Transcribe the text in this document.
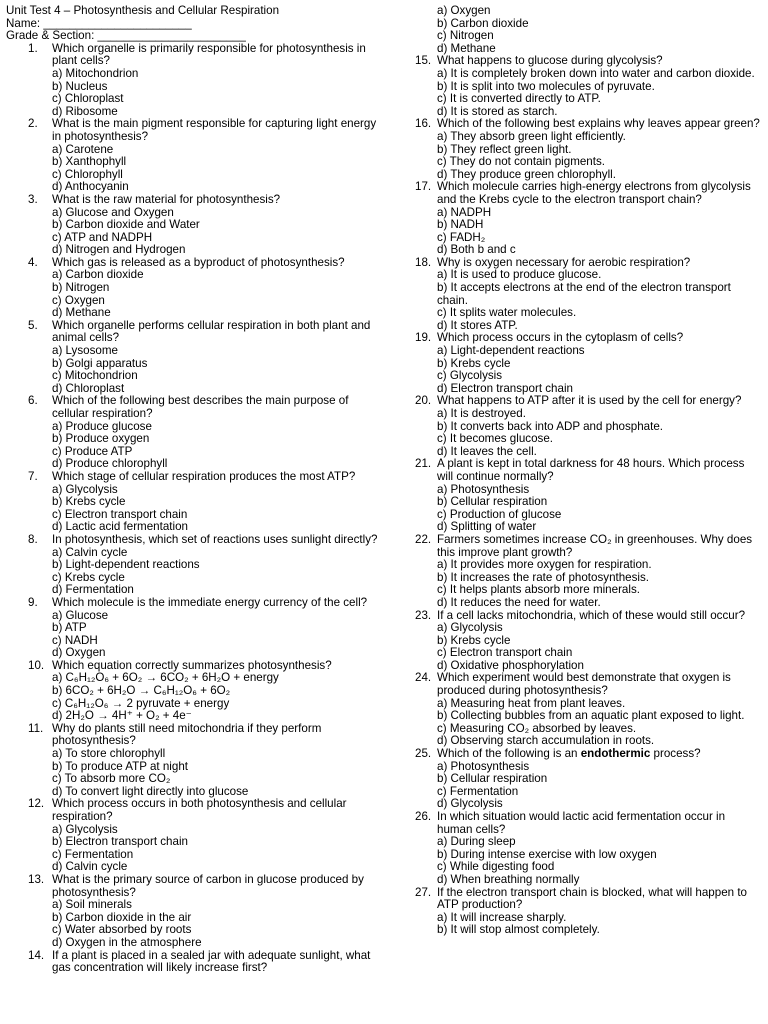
Unit Test 4 – Photosynthesis and Cellular Respiration
Name: _______________________
Grade & Section: _______________________
1. Which organelle is primarily responsible for photosynthesis in plant cells?
a) Mitochondrion
b) Nucleus
c) Chloroplast
d) Ribosome
2. What is the main pigment responsible for capturing light energy in photosynthesis?
a) Carotene
b) Xanthophyll
c) Chlorophyll
d) Anthocyanin
3. What is the raw material for photosynthesis?
a) Glucose and Oxygen
b) Carbon dioxide and Water
c) ATP and NADPH
d) Nitrogen and Hydrogen
4. Which gas is released as a byproduct of photosynthesis?
a) Carbon dioxide
b) Nitrogen
c) Oxygen
d) Methane
5. Which organelle performs cellular respiration in both plant and animal cells?
a) Lysosome
b) Golgi apparatus
c) Mitochondrion
d) Chloroplast
6. Which of the following best describes the main purpose of cellular respiration?
a) Produce glucose
b) Produce oxygen
c) Produce ATP
d) Produce chlorophyll
7. Which stage of cellular respiration produces the most ATP?
a) Glycolysis
b) Krebs cycle
c) Electron transport chain
d) Lactic acid fermentation
8. In photosynthesis, which set of reactions uses sunlight directly?
a) Calvin cycle
b) Light-dependent reactions
c) Krebs cycle
d) Fermentation
9. Which molecule is the immediate energy currency of the cell?
a) Glucose
b) ATP
c) NADH
d) Oxygen
10. Which equation correctly summarizes photosynthesis?
a) C₆H₁₂O₆ + 6O₂ → 6CO₂ + 6H₂O + energy
b) 6CO₂ + 6H₂O → C₆H₁₂O₆ + 6O₂
c) C₆H₁₂O₆ → 2 pyruvate + energy
d) 2H₂O → 4H⁺ + O₂ + 4e⁻
11. Why do plants still need mitochondria if they perform photosynthesis?
a) To store chlorophyll
b) To produce ATP at night
c) To absorb more CO₂
d) To convert light directly into glucose
12. Which process occurs in both photosynthesis and cellular respiration?
a) Glycolysis
b) Electron transport chain
c) Fermentation
d) Calvin cycle
13. What is the primary source of carbon in glucose produced by photosynthesis?
a) Soil minerals
b) Carbon dioxide in the air
c) Water absorbed by roots
d) Oxygen in the atmosphere
14. If a plant is placed in a sealed jar with adequate sunlight, what gas concentration will likely increase first?
a) Oxygen
b) Carbon dioxide
c) Nitrogen
d) Methane
15. What happens to glucose during glycolysis?
a) It is completely broken down into water and carbon dioxide.
b) It is split into two molecules of pyruvate.
c) It is converted directly to ATP.
d) It is stored as starch.
16. Which of the following best explains why leaves appear green?
a) They absorb green light efficiently.
b) They reflect green light.
c) They do not contain pigments.
d) They produce green chlorophyll.
17. Which molecule carries high-energy electrons from glycolysis and the Krebs cycle to the electron transport chain?
a) NADPH
b) NADH
c) FADH₂
d) Both b and c
18. Why is oxygen necessary for aerobic respiration?
a) It is used to produce glucose.
b) It accepts electrons at the end of the electron transport chain.
c) It splits water molecules.
d) It stores ATP.
19. Which process occurs in the cytoplasm of cells?
a) Light-dependent reactions
b) Krebs cycle
c) Glycolysis
d) Electron transport chain
20. What happens to ATP after it is used by the cell for energy?
a) It is destroyed.
b) It converts back into ADP and phosphate.
c) It becomes glucose.
d) It leaves the cell.
21. A plant is kept in total darkness for 48 hours. Which process will continue normally?
a) Photosynthesis
b) Cellular respiration
c) Production of glucose
d) Splitting of water
22. Farmers sometimes increase CO₂ in greenhouses. Why does this improve plant growth?
a) It provides more oxygen for respiration.
b) It increases the rate of photosynthesis.
c) It helps plants absorb more minerals.
d) It reduces the need for water.
23. If a cell lacks mitochondria, which of these would still occur?
a) Glycolysis
b) Krebs cycle
c) Electron transport chain
d) Oxidative phosphorylation
24. Which experiment would best demonstrate that oxygen is produced during photosynthesis?
a) Measuring heat from plant leaves.
b) Collecting bubbles from an aquatic plant exposed to light.
c) Measuring CO₂ absorbed by leaves.
d) Observing starch accumulation in roots.
25. Which of the following is an endothermic process?
a) Photosynthesis
b) Cellular respiration
c) Fermentation
d) Glycolysis
26. In which situation would lactic acid fermentation occur in human cells?
a) During sleep
b) During intense exercise with low oxygen
c) While digesting food
d) When breathing normally
27. If the electron transport chain is blocked, what will happen to ATP production?
a) It will increase sharply.
b) It will stop almost completely.
